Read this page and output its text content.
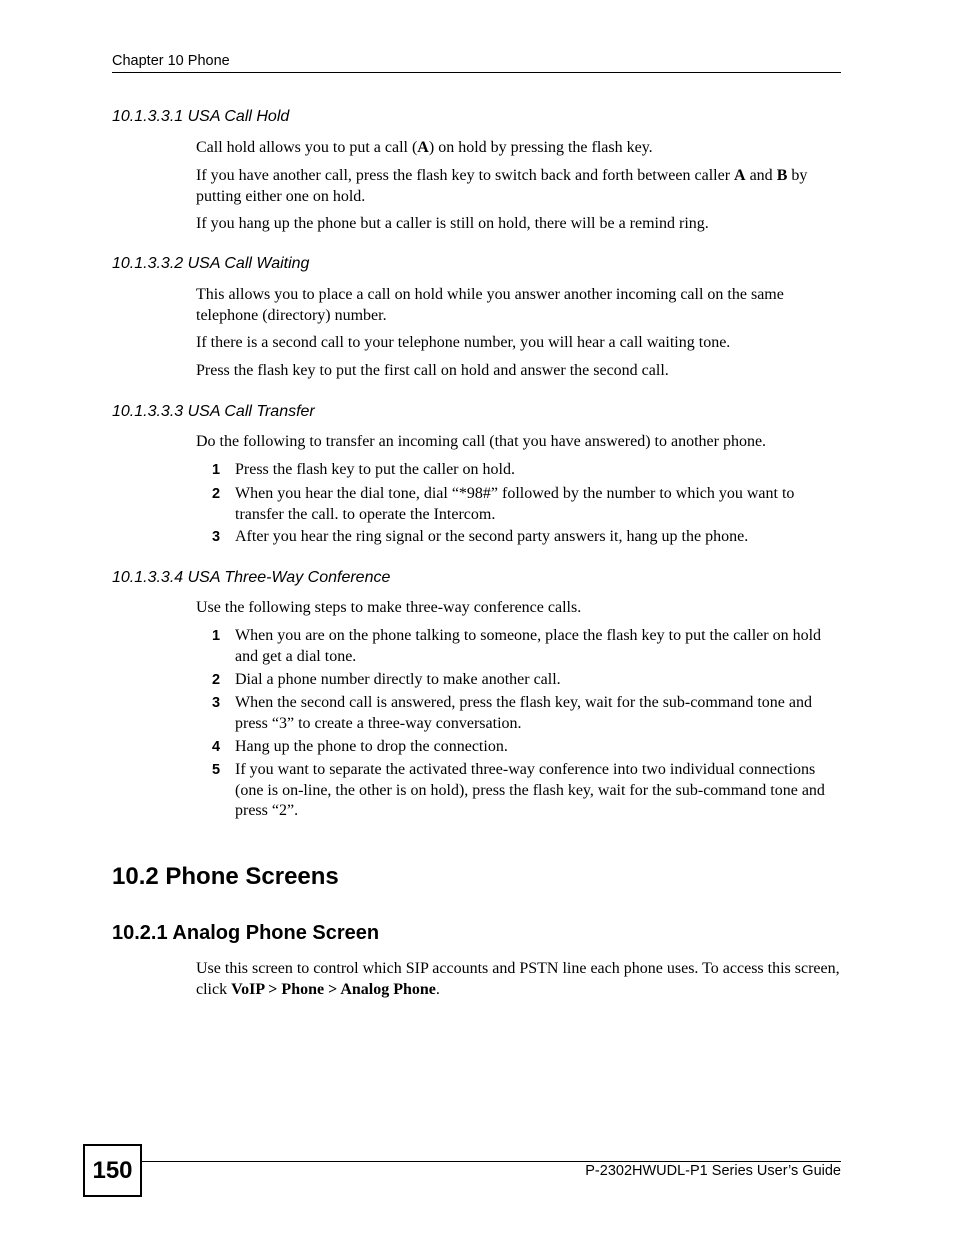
Chapter 10 Phone
10.1.3.3.1 USA Call Hold
Call hold allows you to put a call (A) on hold by pressing the flash key.
If you have another call, press the flash key to switch back and forth between caller A and B by putting either one on hold.
If you hang up the phone but a caller is still on hold, there will be a remind ring.
10.1.3.3.2 USA Call Waiting
This allows you to place a call on hold while you answer another incoming call on the same telephone (directory) number.
If there is a second call to your telephone number, you will hear a call waiting tone.
Press the flash key to put the first call on hold and answer the second call.
10.1.3.3.3 USA Call Transfer
Do the following to transfer an incoming call (that you have answered) to another phone.
1 Press the flash key to put the caller on hold.
2 When you hear the dial tone, dial “*98#” followed by the number to which you want to transfer the call. to operate the Intercom.
3 After you hear the ring signal or the second party answers it, hang up the phone.
10.1.3.3.4 USA Three-Way Conference
Use the following steps to make three-way conference calls.
1 When you are on the phone talking to someone, place the flash key to put the caller on hold and get a dial tone.
2 Dial a phone number directly to make another call.
3 When the second call is answered, press the flash key, wait for the sub-command tone and press “3” to create a three-way conversation.
4 Hang up the phone to drop the connection.
5 If you want to separate the activated three-way conference into two individual connections (one is on-line, the other is on hold), press the flash key, wait for the sub-command tone and press “2”.
10.2 Phone Screens
10.2.1 Analog Phone Screen
Use this screen to control which SIP accounts and PSTN line each phone uses. To access this screen, click VoIP > Phone > Analog Phone.
150	P-2302HWUDL-P1 Series User’s Guide
